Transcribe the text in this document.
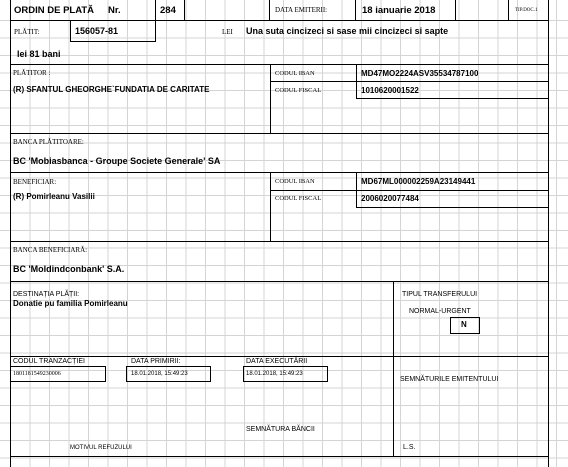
ORDIN DE PLATĂ Nr.	284	DATA EMITERII:	18 ianuarie 2018	TIP.DOC.1
PLĂTIT:	156057-81	LEI Una suta cincizeci si sase mii cincizeci si sapte
lei 81 bani
PLĂTITOR :
(R) SFANTUL GHEORGHE`FUNDATIA DE CARITATE
CODUL IBAN	MD47MO2224ASV35534787100
CODUL FISCAL	1010620001522
BANCA PLĂTITOARE:
BC 'Mobiasbanca - Groupe Societe Generale' SA
BENEFICIAR:
(R) Pomirleanu Vasilii
CODUL IBAN	MD67ML000002259A23149441
CODUL FISCAL	2006020077484
BANCA BENEFICIARĂ:
BC 'Moldindconbank' S.A.
DESTINAȚIA PLĂȚII:
Donatie pu familia Pomirleanu
TIPUL TRANSFERULUI
NORMAL-URGENT
N
CODUL TRANZACȚIEI
1801181549230006
DATA PRIMIRII:
18.01.2018, 15:49:23
DATA EXECUTĂRII
18.01.2018, 15:49:23
SEMNĂTURILE EMITENTULUI
SEMNĂTURA BĂNCII
MOTIVUL REFUZULUI	L.S.
